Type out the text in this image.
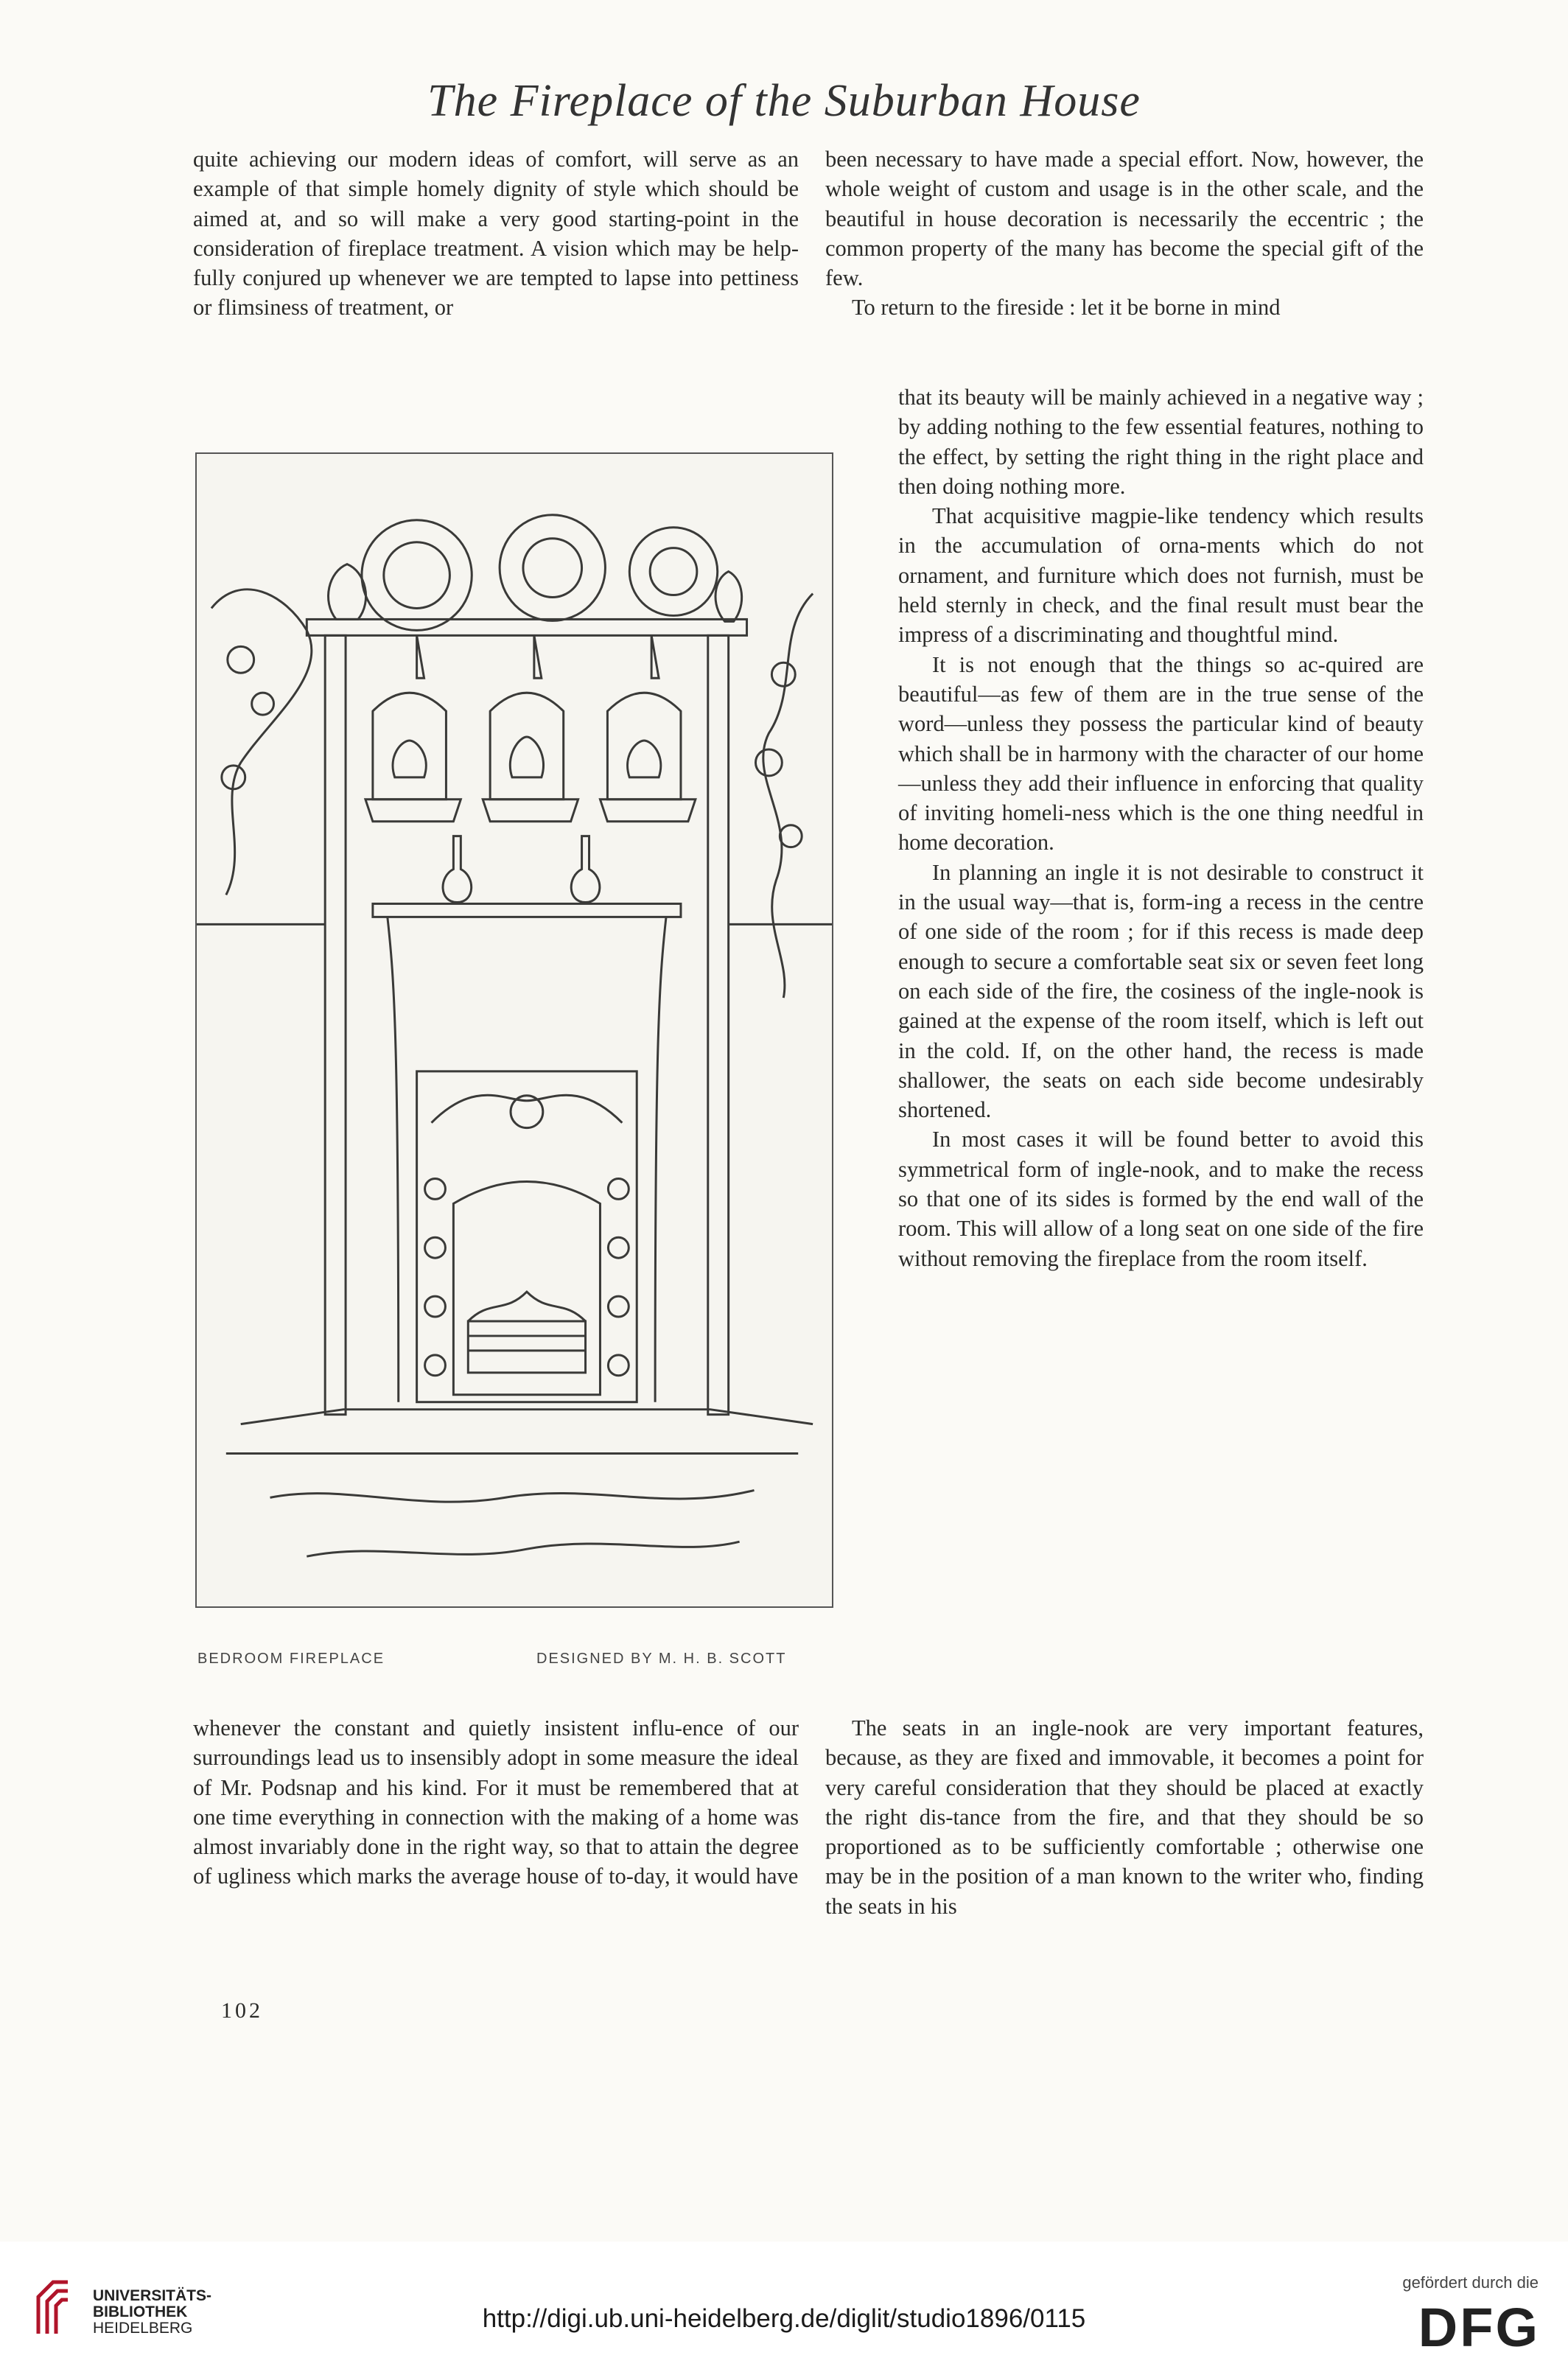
The Fireplace of the Suburban House

quite achieving our modern ideas of comfort, will serve as an example of that simple homely dignity of style which should be aimed at, and so will make a very good starting-point in the consideration of fireplace treatment. A vision which may be help-fully conjured up whenever we are tempted to lapse into pettiness or flimsiness of treatment, or

BEDROOM FIREPLACE	DESIGNED BY M. H. B. SCOTT

whenever the constant and quietly insistent influ-ence of our surroundings lead us to insensibly adopt in some measure the ideal of Mr. Podsnap and his kind. For it must be remembered that at one time everything in connection with the making of a home was almost invariably done in the right way, so that to attain the degree of ugliness which marks the average house of to-day, it would have

102

been necessary to have made a special effort. Now, however, the whole weight of custom and usage is in the other scale, and the beautiful in house decoration is necessarily the eccentric ; the common property of the many has become the special gift of the few.

To return to the fireside : let it be borne in mind

that its beauty will be mainly achieved in a negative way ; by adding nothing to the few essential features, nothing to the effect, by setting the right thing in the right place and then doing nothing more.

That acquisitive magpie-like tendency which results in the accumulation of orna-ments which do not ornament, and furniture which does not furnish, must be held sternly in check, and the final result must bear the impress of a discriminating and thoughtful mind.

It is not enough that the things so ac-quired are beautiful—as few of them are in the true sense of the word—unless they possess the particular kind of beauty which shall be in harmony with the character of our home—unless they add their influence in enforcing that quality of inviting homeli-ness which is the one thing needful in home decoration.

In planning an ingle it is not desirable to construct it in the usual way—that is, form-ing a recess in the centre of one side of the room ; for if this recess is made deep enough to secure a comfortable seat six or seven feet long on each side of the fire, the cosiness of the ingle-nook is gained at the expense of the room itself, which is left out in the cold. If, on the other hand, the recess is made shallower, the seats on each side become undesirably shortened.

In most cases it will be found better to avoid this symmetrical form of ingle-nook, and to make the recess so that one of its sides is formed by the end wall of the room. This will allow of a long seat on one side of the fire without removing the fireplace from the room itself.

The seats in an ingle-nook are very important features, because, as they are fixed and immovable, it becomes a point for very careful consideration that they should be placed at exactly the right dis-tance from the fire, and that they should be so proportioned as to be sufficiently comfortable ; otherwise one may be in the position of a man known to the writer who, finding the seats in his

UNIVERSITÄTS-
BIBLIOTHEK
HEIDELBERG	http://digi.ub.uni-heidelberg.de/diglit/studio1896/0115
gefördert durch die
DFG
